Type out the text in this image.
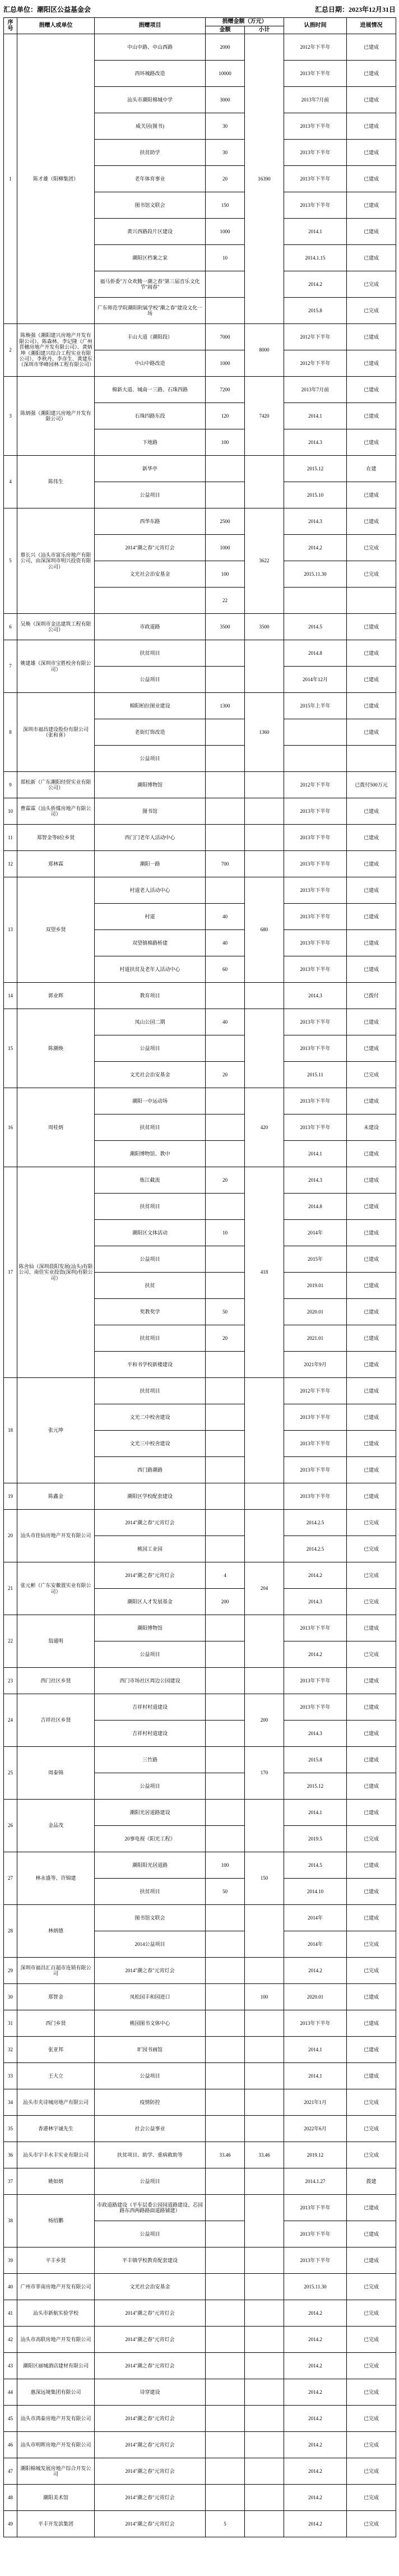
汇总单位：潮阳区公益基金会	汇总日期：2023年12月31日
序号	捐赠人或单位	捐赠项目	捐赠金额（万元）		认捐时间	进展情况
			金额	小计		
1	陈才雄（阳柳集团）	中山中路、中山西路	2000	16390	2012年下半年	已建成
		西环城路改造	10000		2013年下半年	已建成
		汕头市潮阳棉城中学	3000		2013年7月前	已建成
		威关居(图书)	30		2013年下半年	已建成
		扶贫助学	30		2013年下半年	已建成
		老年体育事业	20		2013年下半年	已建成
		图书馆文联会	150		2013年下半年	已建成
		黄兴西路段片区建设	1000		2014.1	已建成
		潮阳区档案之家	10		2014.1.15	已建成
		福马侨委"万众欢腾一潮之春"第三届音乐文化节"闹春"			2014.2	已完成
		广东师范学院潮阳附属学校"潮之春"建设文化一场			2015.8	已完成
2	陈焕强（潮阳建兴房地产开发有限公司）、陈森林、李记隆（广州晋穗房地产开发有限公司）、黄炳坤（潮阳建兴综合工程实业有限公司）、李秋丹、李彦生、黄建东（深圳市华峰园林工程有限公司）	丰山大道（潮阳段）	7000	8000	2012年下半年	已建成
		中山中路改造	1000		2012年下半年	已建成
3	陈炳强（潮阳建兴房地产开发有限公司）	棉新大道、城南一三路、石珠四路	7200	7420	2013年7月前	已建成
		石珠四路东段	120		2014.1	已建成
		下地路	100		2014.3	已建成
4	陈伟生	新华亭			2015.12	在建
		公益项目			2015.10	已建成
5	蔡长兴（汕头市富乐房地产有限公司，由深深圳市明兴投资有限公司）	西华东路	2500	3622	2014.3	已建成
		2014"潮之春"元宵灯会	1000		2014.2	已完成
		文光社会治安基金	100		2015.11.30	已完成
			22			
6	吴焕（深圳市金达建筑工程有限公司）	市政道路	3500	3500	2014.5	已建成
7	姚建雄（深圳市宝胜校舍有限公司）	扶贫项目			2014.8	已建成
		公益项目			2014年12月	已建成
8	深圳市福昌建设股份有限公司（张和喜）	棉阳柏拉图业建设	1300	1360	2015年上半年	已建成
		老街灯饰改造				已建成
		公益项目				
9	郑松新（广东潮阳经贸实业有限公司）	潮阳博物馆			2012年下半年	已拨付500万元
10	曹霖霖（汕头侨煤房地产有限公司）	图书馆			2013年下半年	已建成
11	郑智金等8位乡贤	西门门老年人活动中心			2013年下半年	已建成
12	郑林霖	潮阳一路	700		2013年下半年	已建成
13	双望乡贤	村道老人活动中心		680	2013年下半年	已建成
		村道	40		2013年下半年	已建成
		双望镇棉路桥建	40		2013年下半年	已建成
		村道扶贫及老年人活动中心	60		2013年下半年	已建成
14	郭业辉	教育项目			2014.3	已拨付
15	陈潮焕	凤山公园二期	40		2013年下半年	已建成
		公益项目			2013年下半年	已建成
		文光社会治安基金	20		2015.11	已完成
16	周桂炳	潮阳一中运动场		420	2013年下半年	已建成
		扶贫项目			2013年下半年	未建设
		潮阳博物馆、教中			2014.1	已建成
17	陈舍仙（深圳晨阳发展(汕头)有限公司、南佳实业投资(深圳)有限公司）	炼江截流	20	418	2014.3	已建成
		扶贫项目			2014.8	已建成
		潮阳区文体活动	10		2014年	已建成
		公益项目			2015年	已建成
		扶贫			2019.01	已建成
		奖教奖学	50		2020.01	已建成
		扶贫项目	20		2021.01	已建成
		平和书学校新楼建设			2021年9月	已建成
18	张元坤	扶贫项目			2012年下半年	已建成
		文光二中校舍建设			2013年下半年	已建成
		文光三中校舍建设			2013年下半年	已建成
		西门路潮路			2013年下半年	已建成
19	陈鑫金	潮阳区学校配套建设			2013年下半年	已建成
20	汕头市佳仙房地产开发有限公司	2014"潮之春"元宵灯会			2014.2.5	已完成
		桃园工业园			2014.2.5	已完成
21	张元彬（广东安徽置实业有限公司）	2014"潮之春"元宵灯会	4	204	2014.2	已完成
		潮阳区人才发展基金	200		2014.3	已完成
22	翁通明	潮阳博物馆			2013年下半年	已建成
		公益项目			2014.2	已完成
23	西门社区乡贤	西门市场社区周边公园建设			2013年下半年	已建成
24	吉祥社区乡贤	吉祥村村道建设		200	2013年下半年	已建成
		吉祥村村道建设			2014.3	已建成
25	周泰锦	三竹路		170	2015.8	已建成
		公益项目			2015.12	已建成
26	金品茂	潮阳光居道路建设			2014.1	已建成
		20事电视《阳光工程》			2019.5	已完成
27	林永盛等、许锦建	潮阳阳光居道路	100	150	2014.5	已建成
		扶贫项目	50		2014.10	已建成
28	林炳德	图书馆文联会			2014年	已建成
		2014公益项目			2014年	已完成
29	深圳市福昌汇百超市连锁有限公司	2014"潮之春"元宵灯会			2014.2	已完成
30	郑智金	凤松园丰和园进口		100	2020.01	已建成
31	西门乡贤	桃园图书文体中心			2013年下半年	已建成
32	张亚邦	旷园书画馆			2014.1	已建成
33	王大立	公益项目			2014.1	已建成
34	汕头市夹诗城房地产有限公司	疫情防控			2021年1月	已完成
35	香港林宇诚先生	社会公益事业			2022年6月	已完成
36	汕头市宇丰水丰实业有限公司	扶贫项目、助学、重病救助等	33.46	33.46	2019.12	已完成
37	姚如炳	公益项目			2014.1.27	拨建
38	杨绍鹏	市政道路建设（平车层委公园园道路建设、芯园路东西两路路面道路铺建）			2013年下半年	已建成
		公益项目			2013年下半年	已建成
39	平丰乡贤	平丰镇学校教育配套建设			2013年下半年	已建成
40	广州市菲南房地产开发有限公司	文光社会治安基金			2015.11.30	已完成
41	汕头市新航实验学校	2014"潮之春"元宵灯会			2014.2	已完成
42	汕头市高联房地产开发有限公司	2014"潮之春"元宵灯会			2014.2	已完成
43	潮阳区丽城酒店建材有限公司	2014"潮之春"元宵灯会			2014.2	已完成
44	惠深远境集团有限公司	诗穿建设			2014.2	已完成
45	汕头市鸿泰房地产开发有限公司	2014"潮之春"元宵灯会			2014.2	已完成
46	汕头市明晖房地产开发有限公司	2014"潮之春"元宵灯会			2014.2	已完成
47	潮阳棉城发展房地产综合开发公司	2014"潮之春"元宵灯会			2014.2	已完成
48	潮阳美术馆	2014"潮之春"元宵灯会			2014.2	已完成
49	平丰开发滨集团	2014"潮之春"元宵灯会	5		2014.2	已完成
